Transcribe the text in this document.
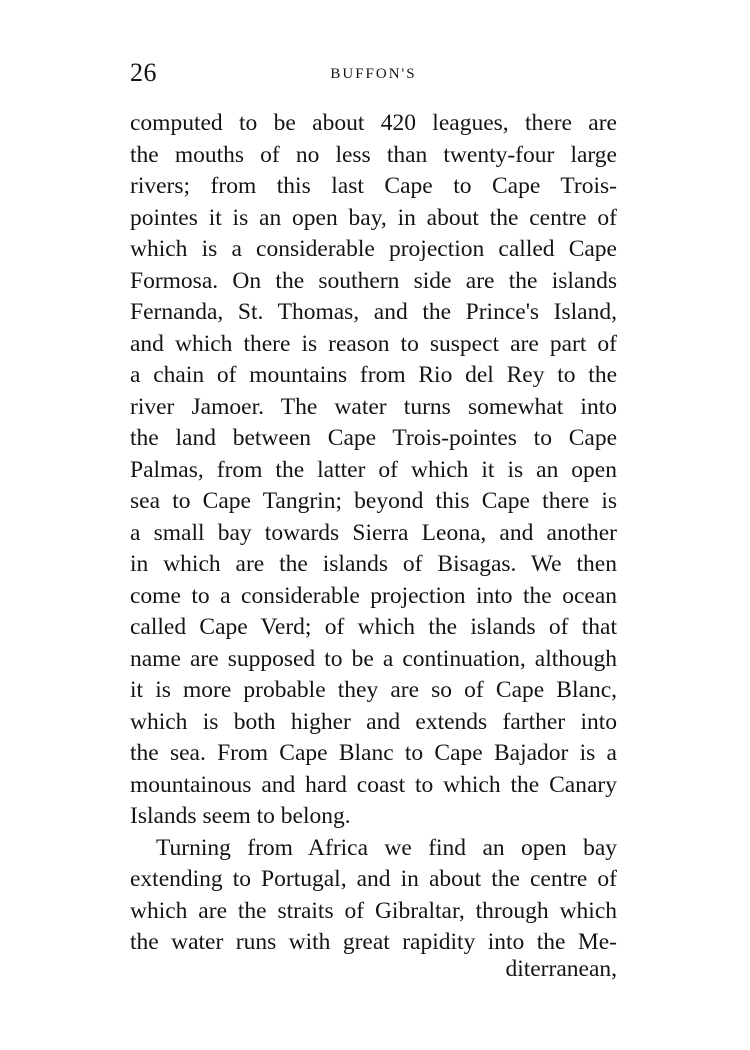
26	BUFFON'S
computed to be about 420 leagues, there are
the mouths of no less than twenty-four large
rivers; from this last Cape to Cape Trois-
pointes it is an open bay, in about the centre of
which is a considerable projection called Cape
Formosa. On the southern side are the islands
Fernanda, St. Thomas, and the Prince's Island,
and which there is reason to suspect are part of
a chain of mountains from Rio del Rey to the
river Jamoer. The water turns somewhat into
the land between Cape Trois-pointes to Cape
Palmas, from the latter of which it is an open
sea to Cape Tangrin; beyond this Cape there is
a small bay towards Sierra Leona, and another
in which are the islands of Bisagas. We then
come to a considerable projection into the ocean
called Cape Verd; of which the islands of that
name are supposed to be a continuation, although
it is more probable they are so of Cape Blanc,
which is both higher and extends farther into
the sea. From Cape Blanc to Cape Bajador is a
mountainous and hard coast to which the Canary
Islands seem to belong.
Turning from Africa we find an open bay
extending to Portugal, and in about the centre of
which are the straits of Gibraltar, through which
the water runs with great rapidity into the Me-
diterranean,
